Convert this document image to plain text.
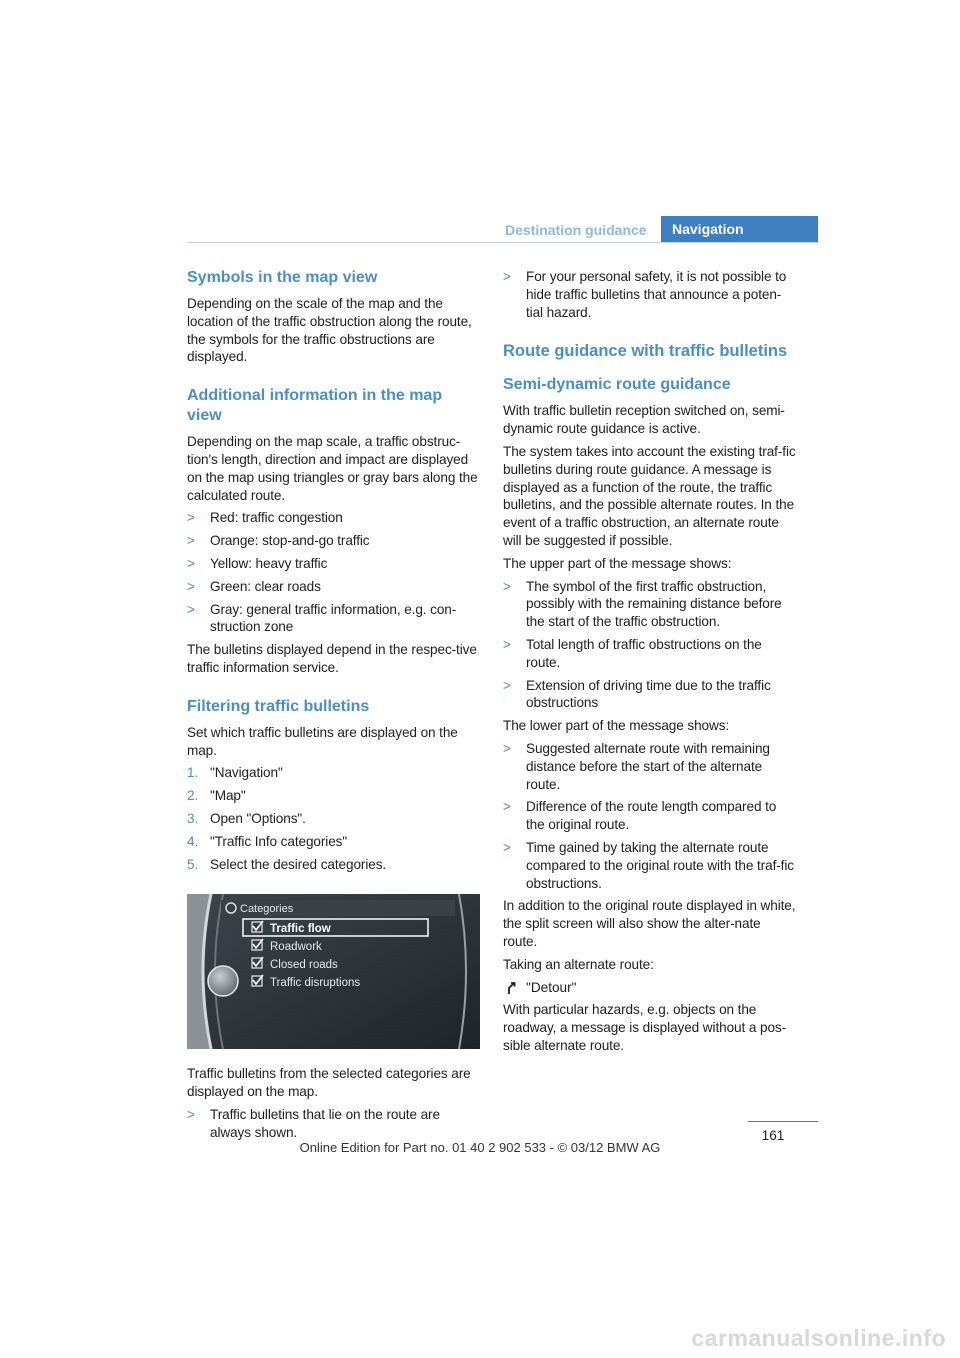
Destination guidance	Navigation
Symbols in the map view

Depending on the scale of the map and the location of the traffic obstruction along the route, the symbols for the traffic obstructions are displayed.

Additional information in the map view

Depending on the map scale, a traffic obstruc-tion's length, direction and impact are displayed on the map using triangles or gray bars along the calculated route.

> Red: traffic congestion
> Orange: stop-and-go traffic
> Yellow: heavy traffic
> Green: clear roads
> Gray: general traffic information, e.g. con-struction zone

The bulletins displayed depend in the respec-tive traffic information service.

Filtering traffic bulletins

Set which traffic bulletins are displayed on the map.

1. "Navigation"
2. "Map"
3. Open "Options".
4. "Traffic Info categories"
5. Select the desired categories.
Categories
Traffic flow
Roadwork
Closed roads
Traffic disruptions

Traffic bulletins from the selected categories are displayed on the map.

> Traffic bulletins that lie on the route are always shown.
> For your personal safety, it is not possible to hide traffic bulletins that announce a poten-tial hazard.
Route guidance with traffic bulletins
Semi-dynamic route guidance

With traffic bulletin reception switched on, semi-dynamic route guidance is active.

The system takes into account the existing traf-fic bulletins during route guidance. A message is displayed as a function of the route, the traffic bulletins, and the possible alternate routes. In the event of a traffic obstruction, an alternate route will be suggested if possible.

The upper part of the message shows:

> The symbol of the first traffic obstruction, possibly with the remaining distance before the start of the traffic obstruction.
> Total length of traffic obstructions on the route.
> Extension of driving time due to the traffic obstructions

The lower part of the message shows:

> Suggested alternate route with remaining distance before the start of the alternate route.
> Difference of the route length compared to the original route.
> Time gained by taking the alternate route compared to the original route with the traf-fic obstructions.

In addition to the original route displayed in white, the split screen will also show the alter-nate route.

Taking an alternate route:

"Detour"

With particular hazards, e.g. objects on the roadway, a message is displayed without a pos-sible alternate route.

161
Online Edition for Part no. 01 40 2 902 533 - © 03/12 BMW AG
carmanualsonline.info
